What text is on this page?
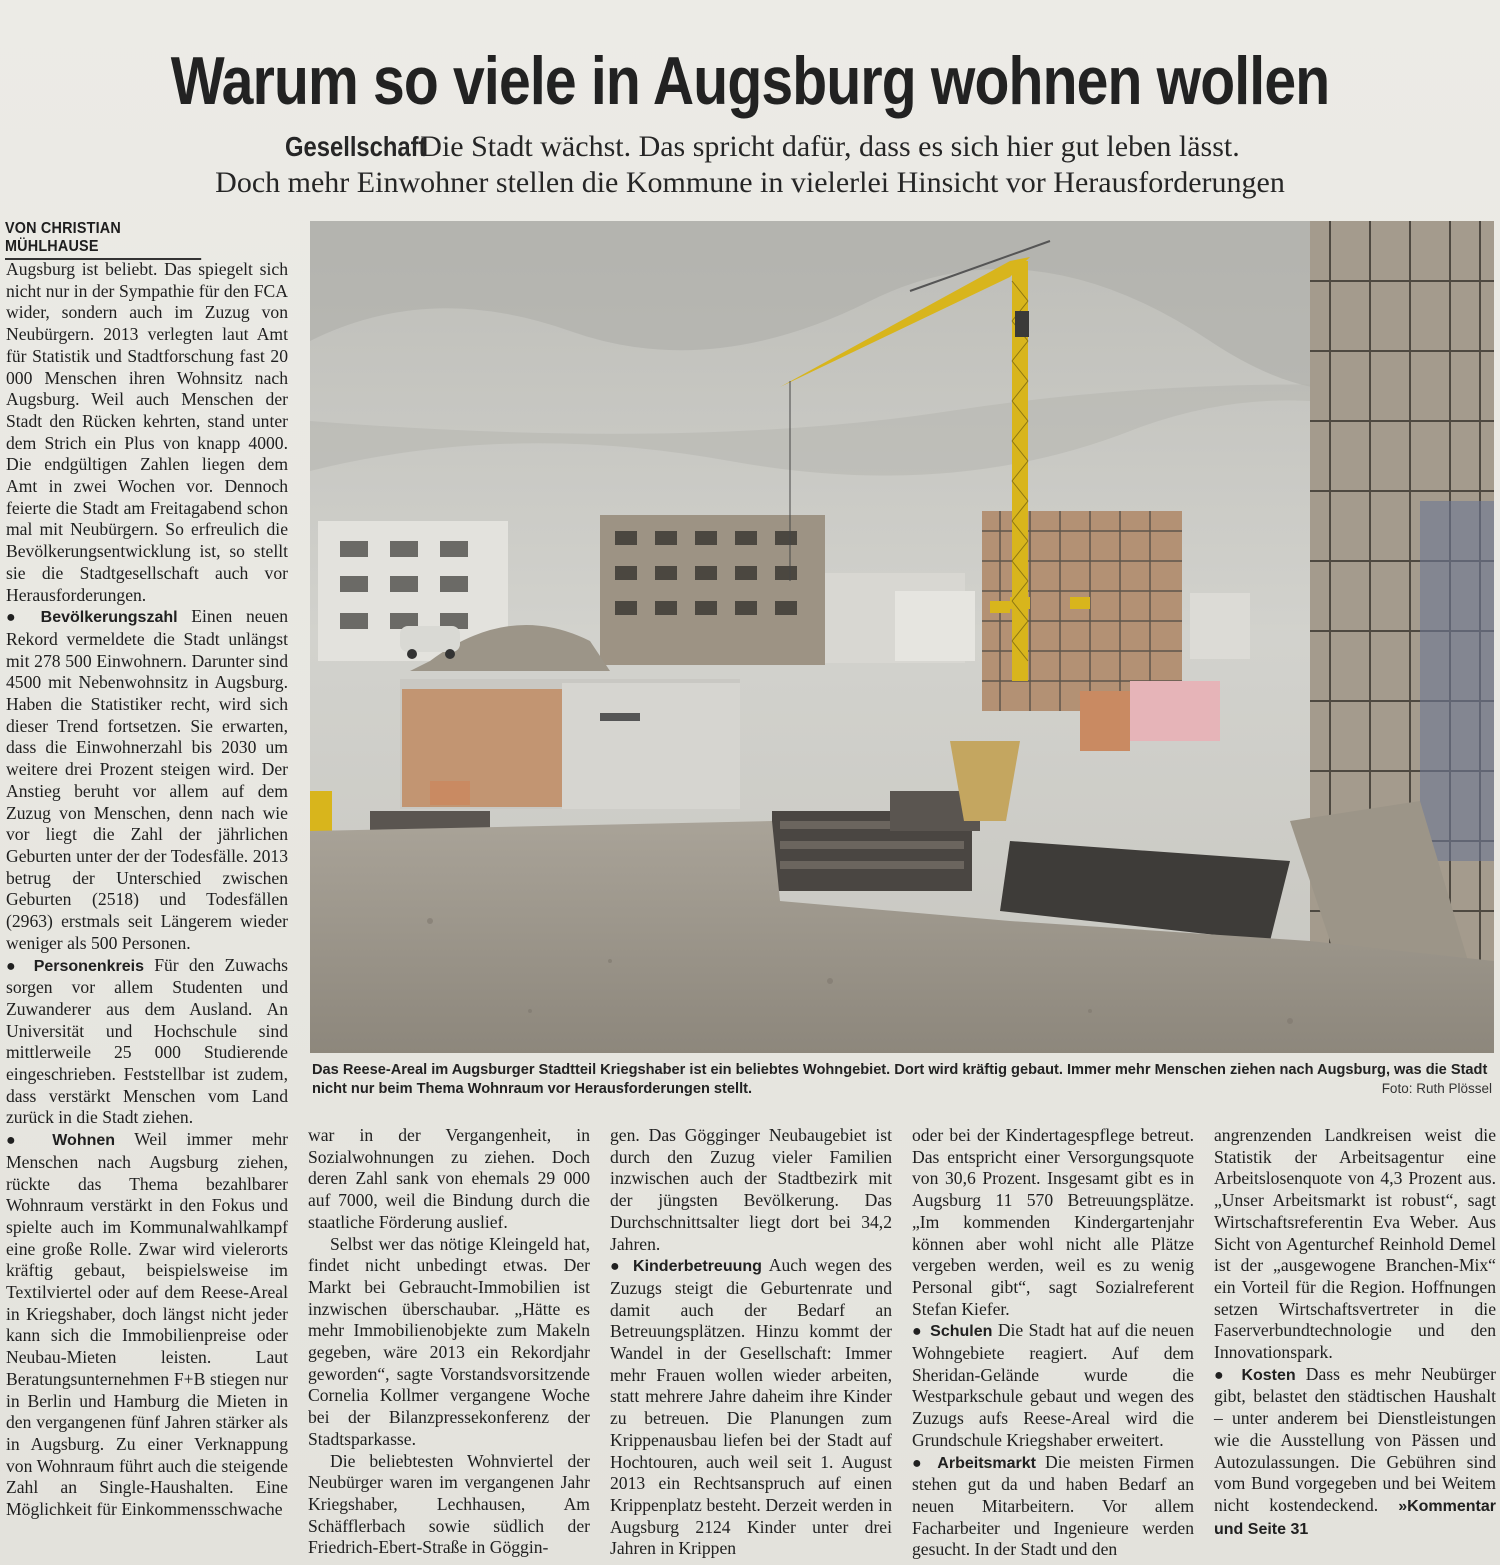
Warum so viele in Augsburg wohnen wollen
Gesellschaft Die Stadt wächst. Das spricht dafür, dass es sich hier gut leben lässt.
Doch mehr Einwohner stellen die Kommune in vielerlei Hinsicht vor Herausforderungen
VON CHRISTIAN MÜHLHAUSE
Das Reese-Areal im Augsburger Stadtteil Kriegshaber ist ein beliebtes Wohngebiet. Dort wird kräftig gebaut. Immer mehr Menschen ziehen nach Augsburg, was die Stadt nicht nur beim Thema Wohnraum vor Herausforderungen stellt.	Foto: Ruth Plössel

Augsburg ist beliebt. Das spiegelt sich nicht nur in der Sympathie für den FCA wider, sondern auch im Zuzug von Neubürgern. 2013 verlegten laut Amt für Statistik und Stadtforschung fast 20 000 Menschen ihren Wohnsitz nach Augsburg. Weil auch Menschen der Stadt den Rücken kehrten, stand unter dem Strich ein Plus von knapp 4000. Die endgültigen Zahlen liegen dem Amt in zwei Wochen vor. Dennoch feierte die Stadt am Freitagabend schon mal mit Neubürgern. So erfreulich die Bevölkerungsentwicklung ist, so stellt sie die Stadtgesellschaft auch vor Herausforderungen.

● Bevölkerungszahl Einen neuen Rekord vermeldete die Stadt unlängst mit 278 500 Einwohnern. Darunter sind 4500 mit Nebenwohnsitz in Augsburg. Haben die Statistiker recht, wird sich dieser Trend fortsetzen. Sie erwarten, dass die Einwohnerzahl bis 2030 um weitere drei Prozent steigen wird. Der Anstieg beruht vor allem auf dem Zuzug von Menschen, denn nach wie vor liegt die Zahl der jährlichen Geburten unter der der Todesfälle. 2013 betrug der Unterschied zwischen Geburten (2518) und Todesfällen (2963) erstmals seit Längerem wieder weniger als 500 Personen.

● Personenkreis Für den Zuwachs sorgen vor allem Studenten und Zuwanderer aus dem Ausland. An Universität und Hochschule sind mittlerweile 25 000 Studierende eingeschrieben. Feststellbar ist zudem, dass verstärkt Menschen vom Land zurück in die Stadt ziehen.

● Wohnen Weil immer mehr Menschen nach Augsburg ziehen, rückte das Thema bezahlbarer Wohnraum verstärkt in den Fokus und spielte auch im Kommunalwahlkampf eine große Rolle. Zwar wird vielerorts kräftig gebaut, beispielsweise im Textilviertel oder auf dem Reese-Areal in Kriegshaber, doch längst nicht jeder kann sich die Immobilienpreise oder Neubau-Mieten leisten. Laut Beratungsunternehmen F+B stiegen nur in Berlin und Hamburg die Mieten in den vergangenen fünf Jahren stärker als in Augsburg. Zu einer Verknappung von Wohnraum führt auch die steigende Zahl an Single-Haushalten. Eine Möglichkeit für Einkommensschwache

war in der Vergangenheit, in Sozialwohnungen zu ziehen. Doch deren Zahl sank von ehemals 29 000 auf 7000, weil die Bindung durch die staatliche Förderung auslief.

Selbst wer das nötige Kleingeld hat, findet nicht unbedingt etwas. Der Markt bei Gebraucht-Immobilien ist inzwischen überschaubar. „Hätte es mehr Immobilienobjekte zum Makeln gegeben, wäre 2013 ein Rekordjahr geworden“, sagte Vorstandsvorsitzende Cornelia Kollmer vergangene Woche bei der Bilanzpressekonferenz der Stadtsparkasse.

Die beliebtesten Wohnviertel der Neubürger waren im vergangenen Jahr Kriegshaber, Lechhausen, Am Schäfflerbach sowie südlich der Friedrich-Ebert-Straße in Göggin-

gen. Das Gögginger Neubaugebiet ist durch den Zuzug vieler Familien inzwischen auch der Stadtbezirk mit der jüngsten Bevölkerung. Das Durchschnittsalter liegt dort bei 34,2 Jahren.

● Kinderbetreuung Auch wegen des Zuzugs steigt die Geburtenrate und damit auch der Bedarf an Betreuungsplätzen. Hinzu kommt der Wandel in der Gesellschaft: Immer mehr Frauen wollen wieder arbeiten, statt mehrere Jahre daheim ihre Kinder zu betreuen. Die Planungen zum Krippenausbau liefen bei der Stadt auf Hochtouren, auch weil seit 1. August 2013 ein Rechtsanspruch auf einen Krippenplatz besteht. Derzeit werden in Augsburg 2124 Kinder unter drei Jahren in Krippen

oder bei der Kindertagespflege betreut. Das entspricht einer Versorgungsquote von 30,6 Prozent. Insgesamt gibt es in Augsburg 11 570 Betreuungsplätze. „Im kommenden Kindergartenjahr können aber wohl nicht alle Plätze vergeben werden, weil es zu wenig Personal gibt“, sagt Sozialreferent Stefan Kiefer.

● Schulen Die Stadt hat auf die neuen Wohngebiete reagiert. Auf dem Sheridan-Gelände wurde die Westparkschule gebaut und wegen des Zuzugs aufs Reese-Areal wird die Grundschule Kriegshaber erweitert.

● Arbeitsmarkt Die meisten Firmen stehen gut da und haben Bedarf an neuen Mitarbeitern. Vor allem Facharbeiter und Ingenieure werden gesucht. In der Stadt und den

angrenzenden Landkreisen weist die Statistik der Arbeitsagentur eine Arbeitslosenquote von 4,3 Prozent aus. „Unser Arbeitsmarkt ist robust“, sagt Wirtschaftsreferentin Eva Weber. Aus Sicht von Agenturchef Reinhold Demel ist der „ausgewogene Branchen-Mix“ ein Vorteil für die Region. Hoffnungen setzen Wirtschaftsvertreter in die Faserverbundtechnologie und den Innovationspark.

● Kosten Dass es mehr Neubürger gibt, belastet den städtischen Haushalt – unter anderem bei Dienstleistungen wie die Ausstellung von Pässen und Autozulassungen. Die Gebühren sind vom Bund vorgegeben und bei Weitem nicht kostendeckend. »Kommentar und Seite 31
